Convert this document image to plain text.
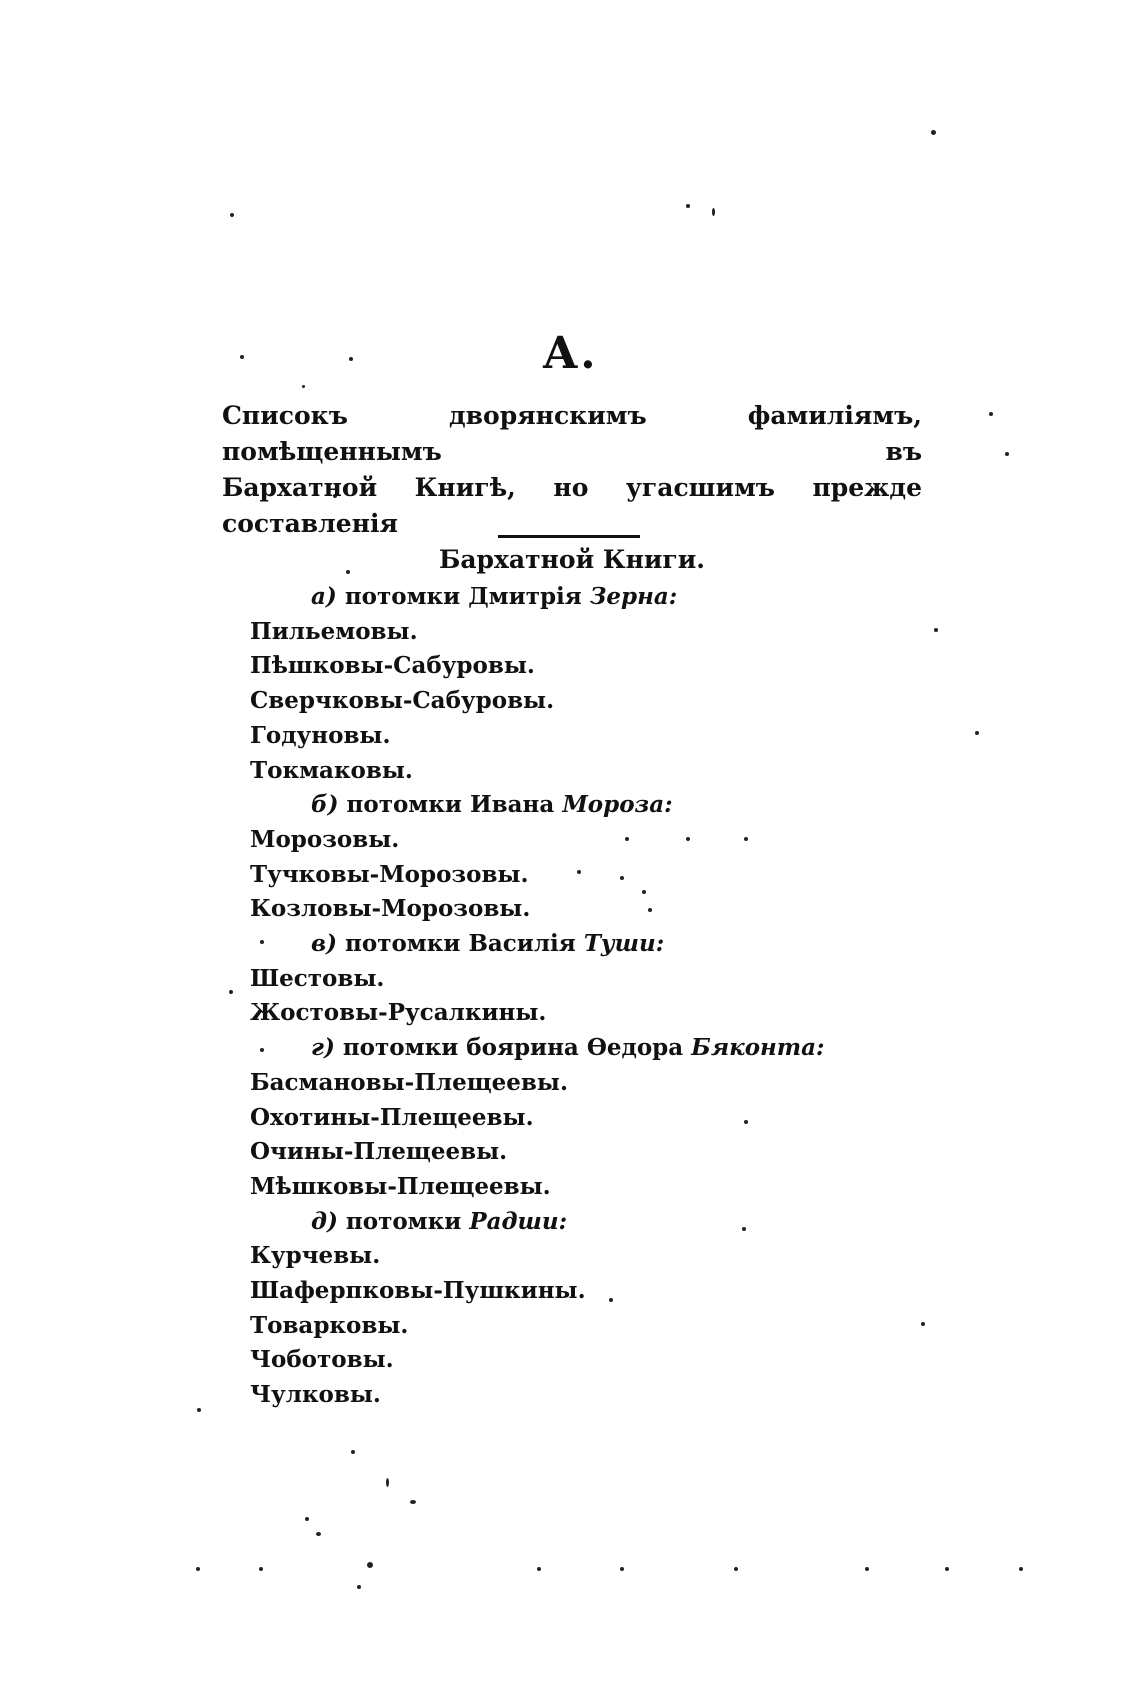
А.
Списокъ дворянскимъ фамиліямъ, помѣщеннымъ въ
Бархатной Книгѣ, но угасшимъ прежде составленія
Бархатной Книги.
а) потомки Дмитрія Зерна:
Пильемовы.
Пѣшковы-Сабуровы.
Сверчковы-Сабуровы.
Годуновы.
Токмаковы.
б) потомки Ивана Мороза:
Морозовы.
Тучковы-Морозовы.
Козловы-Морозовы.
в) потомки Василія Туши:
Шестовы.
Жостовы-Русалкины.
г) потомки боярина Ѳедора Бяконта:
Басмановы-Плещеевы.
Охотины-Плещеевы.
Очины-Плещеевы.
Мѣшковы-Плещеевы.
д) потомки Радши:
Курчевы.
Шаферпковы-Пушкины.
Товарковы.
Чоботовы.
Чулковы.
